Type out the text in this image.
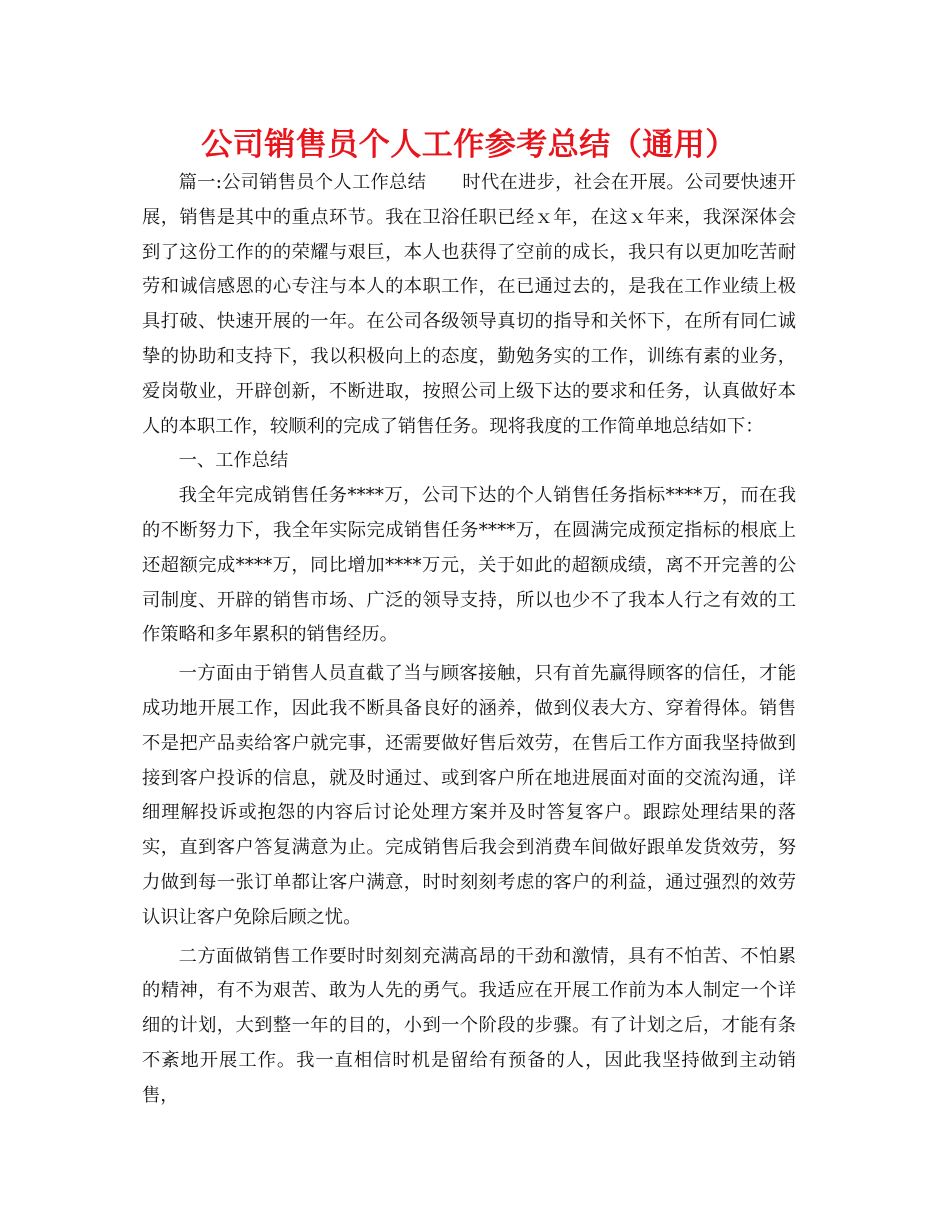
公司销售员个人工作参考总结（通用）

篇一:公司销售员个人工作总结 时代在进步，社会在开展。公司要快速开展，销售是其中的重点环节。我在卫浴任职已经ｘ年，在这ｘ年来，我深深体会到了这份工作的的荣耀与艰巨，本人也获得了空前的成长，我只有以更加吃苦耐劳和诚信感恩的心专注与本人的本职工作，在已通过去的，是我在工作业绩上极具打破、快速开展的一年。在公司各级领导真切的指导和关怀下，在所有同仁诚挚的协助和支持下，我以积极向上的态度，勤勉务实的工作，训练有素的业务，爱岗敬业，开辟创新，不断进取，按照公司上级下达的要求和任务，认真做好本人的本职工作，较顺利的完成了销售任务。现将我度的工作简单地总结如下：

一、工作总结

我全年完成销售任务****万，公司下达的个人销售任务指标****万，而在我的不断努力下，我全年实际完成销售任务****万，在圆满完成预定指标的根底上还超额完成****万，同比增加****万元，关于如此的超额成绩，离不开完善的公司制度、开辟的销售市场、广泛的领导支持，所以也少不了我本人行之有效的工作策略和多年累积的销售经历。

一方面由于销售人员直截了当与顾客接触，只有首先赢得顾客的信任，才能成功地开展工作，因此我不断具备良好的涵养，做到仪表大方、穿着得体。销售不是把产品卖给客户就完事，还需要做好售后效劳，在售后工作方面我坚持做到接到客户投诉的信息，就及时通过、或到客户所在地进展面对面的交流沟通，详细理解投诉或抱怨的内容后讨论处理方案并及时答复客户。跟踪处理结果的落实，直到客户答复满意为止。完成销售后我会到消费车间做好跟单发货效劳，努力做到每一张订单都让客户满意，时时刻刻考虑的客户的利益，通过强烈的效劳认识让客户免除后顾之忧。

二方面做销售工作要时时刻刻充满高昂的干劲和激情，具有不怕苦、不怕累的精神，有不为艰苦、敢为人先的勇气。我适应在开展工作前为本人制定一个详细的计划，大到整一年的目的，小到一个阶段的步骤。有了计划之后，才能有条不紊地开展工作。我一直相信时机是留给有预备的人，因此我坚持做到主动销售，
